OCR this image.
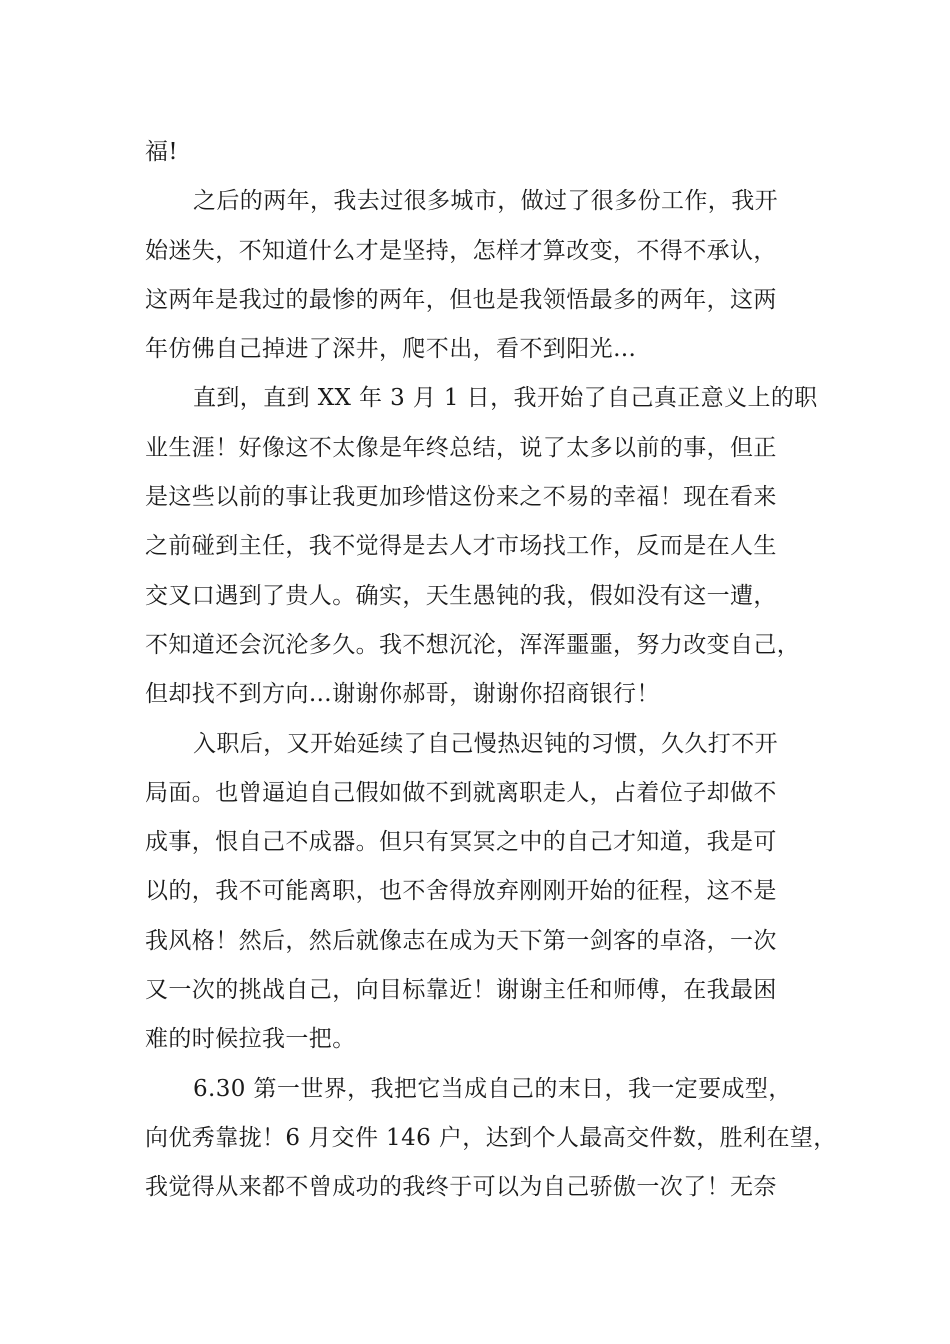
福!
之后的两年，我去过很多城市，做过了很多份工作，我开
始迷失，不知道什么才是坚持，怎样才算改变，不得不承认，
这两年是我过的最惨的两年，但也是我领悟最多的两年，这两
年仿佛自己掉进了深井，爬不出，看不到阳光…
直到，直到 XX 年 3 月 1 日，我开始了自己真正意义上的职
业生涯！好像这不太像是年终总结，说了太多以前的事，但正
是这些以前的事让我更加珍惜这份来之不易的幸福！现在看来
之前碰到主任，我不觉得是去人才市场找工作，反而是在人生
交叉口遇到了贵人。确实，天生愚钝的我，假如没有这一遭，
不知道还会沉沦多久。我不想沉沦，浑浑噩噩，努力改变自己，
但却找不到方向…谢谢你郝哥，谢谢你招商银行！
入职后，又开始延续了自己慢热迟钝的习惯，久久打不开
局面。也曾逼迫自己假如做不到就离职走人，占着位子却做不
成事，恨自己不成器。但只有冥冥之中的自己才知道，我是可
以的，我不可能离职，也不舍得放弃刚刚开始的征程，这不是
我风格！然后，然后就像志在成为天下第一剑客的卓洛，一次
又一次的挑战自己，向目标靠近！谢谢主任和师傅，在我最困
难的时候拉我一把。
6.30 第一世界，我把它当成自己的末日，我一定要成型，
向优秀靠拢！6 月交件 146 户，达到个人最高交件数，胜利在望，
我觉得从来都不曾成功的我终于可以为自己骄傲一次了！无奈
